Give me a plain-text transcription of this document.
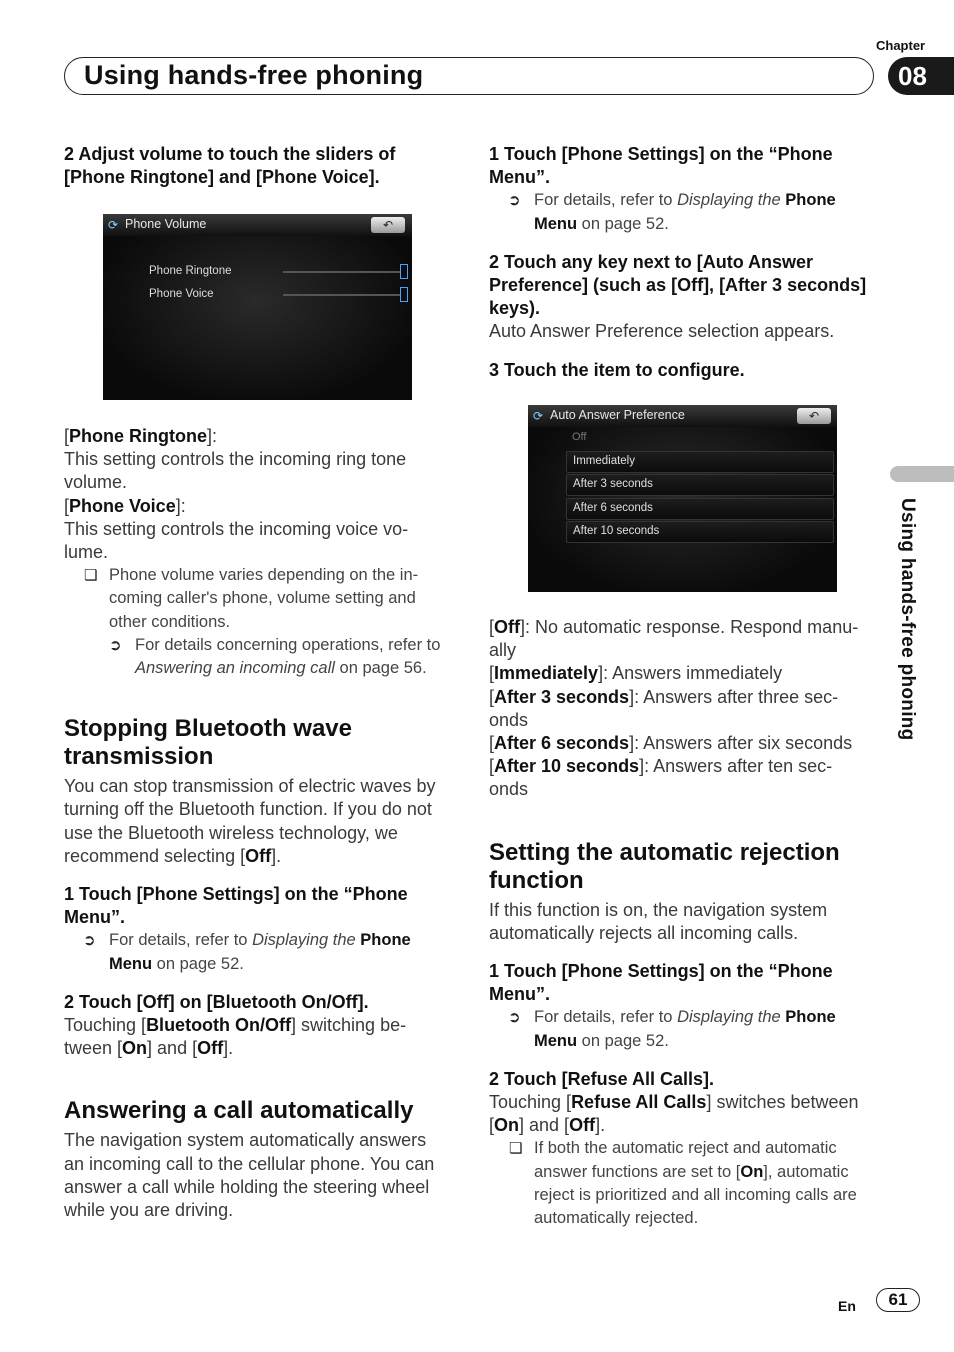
Chapter
Using hands-free phoning	08
Using hands-free phoning

2 Adjust volume to touch the sliders of [Phone Ringtone] and [Phone Voice].

⟳ Phone Volume	↶
Phone Ringtone
Phone Voice

[Phone Ringtone]:

This setting controls the incoming ring tone volume.

[Phone Voice]:

This setting controls the incoming voice vo- lume.

❏ Phone volume varies depending on the in- coming caller's phone, volume setting and other conditions.
➲ For details concerning operations, refer to Answering an incoming call on page 56.

Stopping Bluetooth wave transmission

You can stop transmission of electric waves by turning off the Bluetooth function. If you do not use the Bluetooth wireless technology, we recommend selecting [Off].

1 Touch [Phone Settings] on the “Phone Menu”.

➲ For details, refer to Displaying the Phone Menu on page 52.

2 Touch [Off] on [Bluetooth On/Off].

Touching [Bluetooth On/Off] switching be- tween [On] and [Off].

Answering a call automatically

The navigation system automatically answers an incoming call to the cellular phone. You can answer a call while holding the steering wheel while you are driving.

1 Touch [Phone Settings] on the “Phone Menu”.

➲ For details, refer to Displaying the Phone Menu on page 52.

2 Touch any key next to [Auto Answer Preference] (such as [Off], [After 3 seconds] keys).

Auto Answer Preference selection appears.

3 Touch the item to configure.

⟳ Auto Answer Preference	↶
Off
Immediately
After 3 seconds
After 6 seconds
After 10 seconds

[Off]: No automatic response. Respond manu- ally

[Immediately]: Answers immediately

[After 3 seconds]: Answers after three sec- onds

[After 6 seconds]: Answers after six seconds

[After 10 seconds]: Answers after ten sec- onds

Setting the automatic rejection function

If this function is on, the navigation system automatically rejects all incoming calls.

1 Touch [Phone Settings] on the “Phone Menu”.

➲ For details, refer to Displaying the Phone Menu on page 52.

2 Touch [Refuse All Calls].

Touching [Refuse All Calls] switches between [On] and [Off].

❏ If both the automatic reject and automatic answer functions are set to [On], automatic reject is prioritized and all incoming calls are automatically rejected.
En	61
